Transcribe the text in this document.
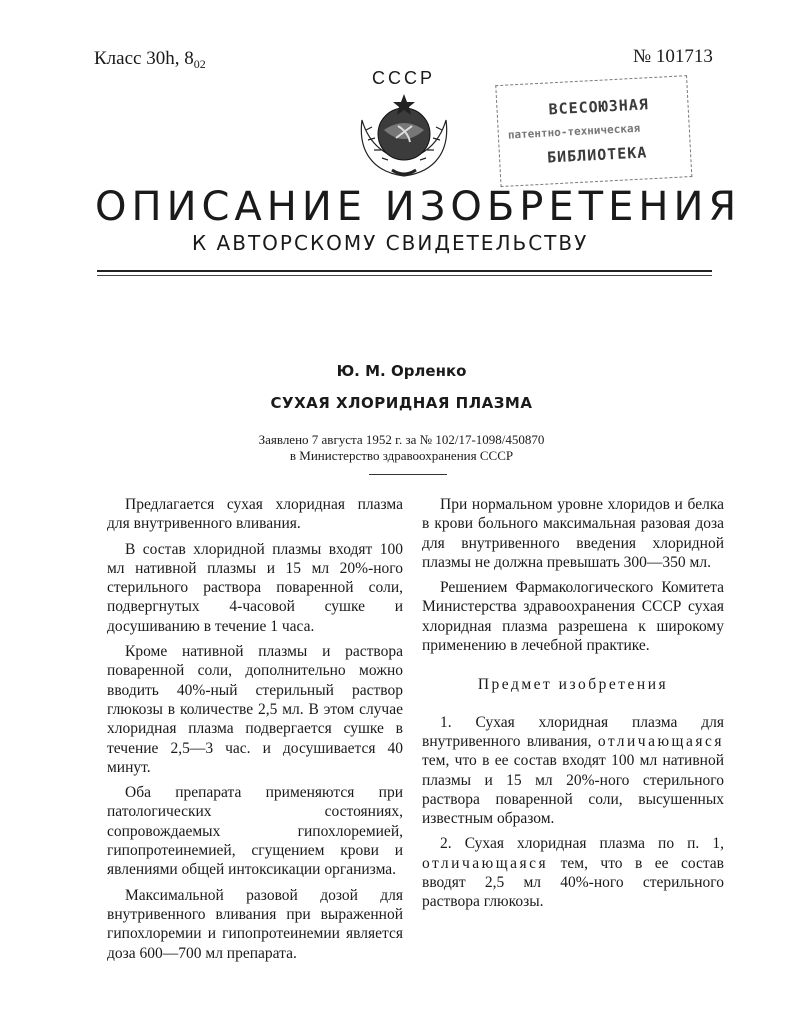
Класс 30h, $8_{02}$	№ 101713
СССР
ВСЕСОЮЗНАЯ
патентно-техническая
БИБЛИОТЕКА
ОПИСАНИЕ ИЗОБРЕТЕНИЯ
К АВТОРСКОМУ СВИДЕТЕЛЬСТВУ
Ю. М. Орленко
СУХАЯ ХЛОРИДНАЯ ПЛАЗМА
Заявлено 7 августа 1952 г. за № 102/17-1098/450870
в Министерство здравоохранения СССР

Предлагается сухая хлоридная плазма для внутривенного вливания.

В состав хлоридной плазмы входят 100 мл нативной плазмы и 15 мл 20%-ного стерильного раствора поваренной соли, подвергнутых 4-часовой сушке и досушиванию в течение 1 часа.

Кроме нативной плазмы и раствора поваренной соли, дополнительно можно вводить 40%-ный стерильный раствор глюкозы в количестве 2,5 мл. В этом случае хлоридная плазма подвергается сушке в течение 2,5—3 час. и досушивается 40 минут.

Оба препарата применяются при патологических состояниях, сопровождаемых гипохлоремией, гипопротеинемией, сгущением крови и явлениями общей интоксикации организма.

Максимальной разовой дозой для внутривенного вливания при выраженной гипохлоремии и гипопротеинемии является доза 600—700 мл препарата.

При нормальном уровне хлоридов и белка в крови больного максимальная разовая доза для внутривенного введения хлоридной плазмы не должна превышать 300—350 мл.

Решением Фармакологического Комитета Министерства здравоохранения СССР сухая хлоридная плазма разрешена к широкому применению в лечебной практике.

Предмет изобретения

1. Сухая хлоридная плазма для внутривенного вливания, отличающаяся тем, что в ее состав входят 100 мл нативной плазмы и 15 мл 20%-ного стерильного раствора поваренной соли, высушенных известным образом.

2. Сухая хлоридная плазма по п. 1, отличающаяся тем, что в ее состав вводят 2,5 мл 40%-ного стерильного раствора глюкозы.
